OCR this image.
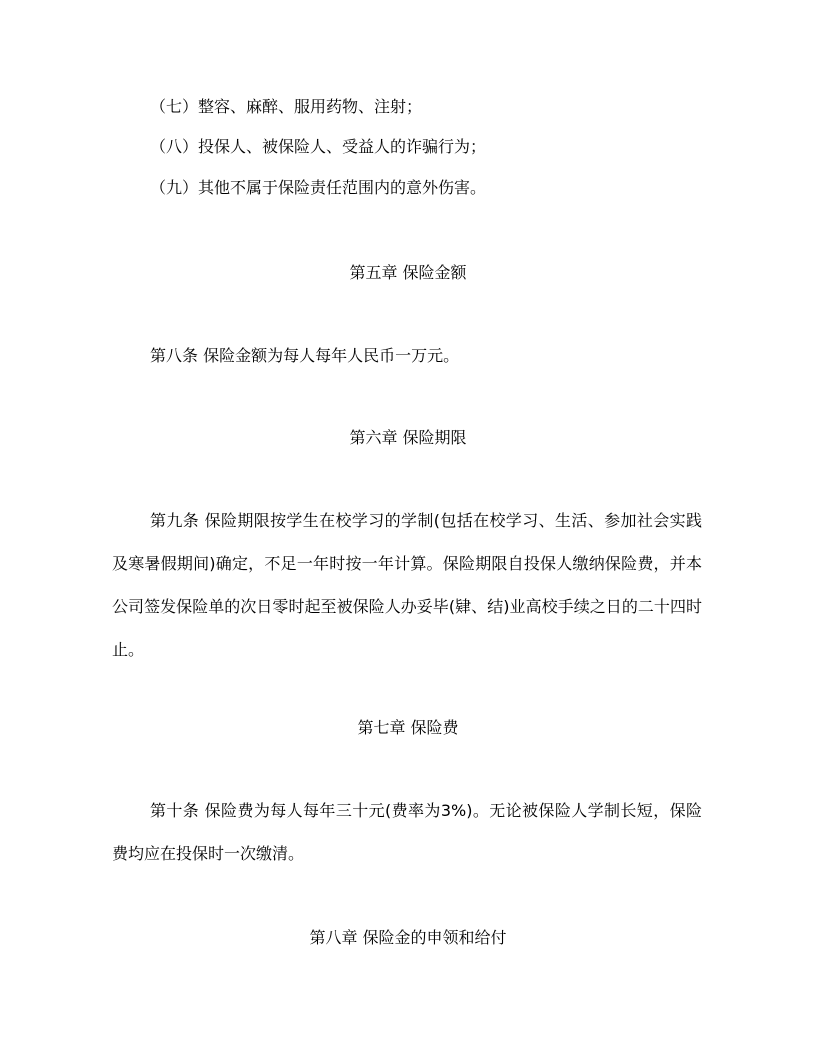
（七）整容、麻醉、服用药物、注射；
（八）投保人、被保险人、受益人的诈骗行为；
（九）其他不属于保险责任范围内的意外伤害。
第五章 保险金额
第八条 保险金额为每人每年人民币一万元。
第六章 保险期限
第九条 保险期限按学生在校学习的学制(包括在校学习、生活、参加社会实践及寒暑假期间)确定，不足一年时按一年计算。保险期限自投保人缴纳保险费，并本公司签发保险单的次日零时起至被保险人办妥毕(肄、结)业高校手续之日的二十四时止。
第七章 保险费
第十条 保险费为每人每年三十元(费率为3%)。无论被保险人学制长短，保险费均应在投保时一次缴清。
第八章 保险金的申领和给付
